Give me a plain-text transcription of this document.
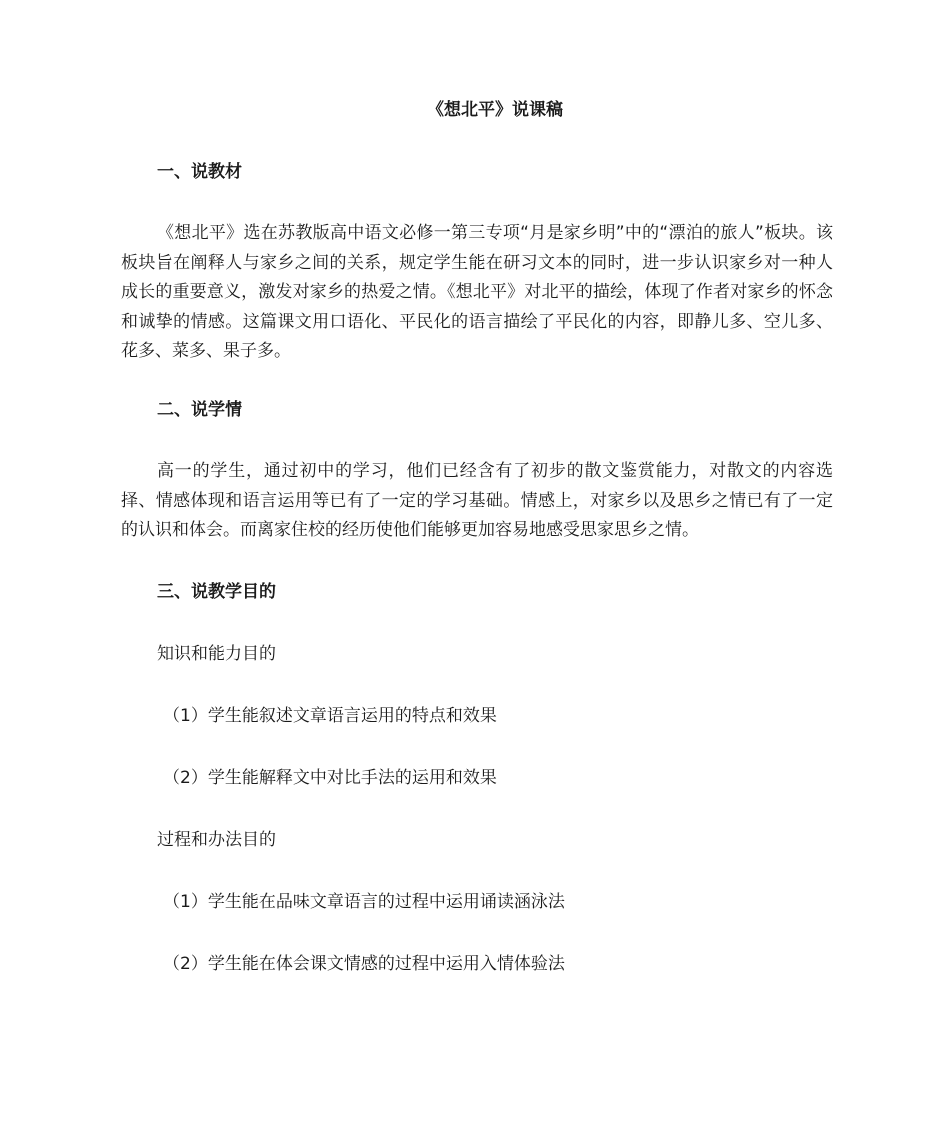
《想北平》说课稿
一、说教材
《想北平》选在苏教版高中语文必修一第三专项“月是家乡明”中的“漂泊的旅人”板块。该板块旨在阐释人与家乡之间的关系，规定学生能在研习文本的同时，进一步认识家乡对一种人成长的重要意义，激发对家乡的热爱之情。《想北平》对北平的描绘，体现了作者对家乡的怀念和诚挚的情感。这篇课文用口语化、平民化的语言描绘了平民化的内容，即静儿多、空儿多、花多、菜多、果子多。
二、说学情
高一的学生，通过初中的学习，他们已经含有了初步的散文鉴赏能力，对散文的内容选择、情感体现和语言运用等已有了一定的学习基础。情感上，对家乡以及思乡之情已有了一定的认识和体会。而离家住校的经历使他们能够更加容易地感受思家思乡之情。
三、说教学目的
知识和能力目的
（1）学生能叙述文章语言运用的特点和效果
（2）学生能解释文中对比手法的运用和效果
过程和办法目的
（1）学生能在品味文章语言的过程中运用诵读涵泳法
（2）学生能在体会课文情感的过程中运用入情体验法
